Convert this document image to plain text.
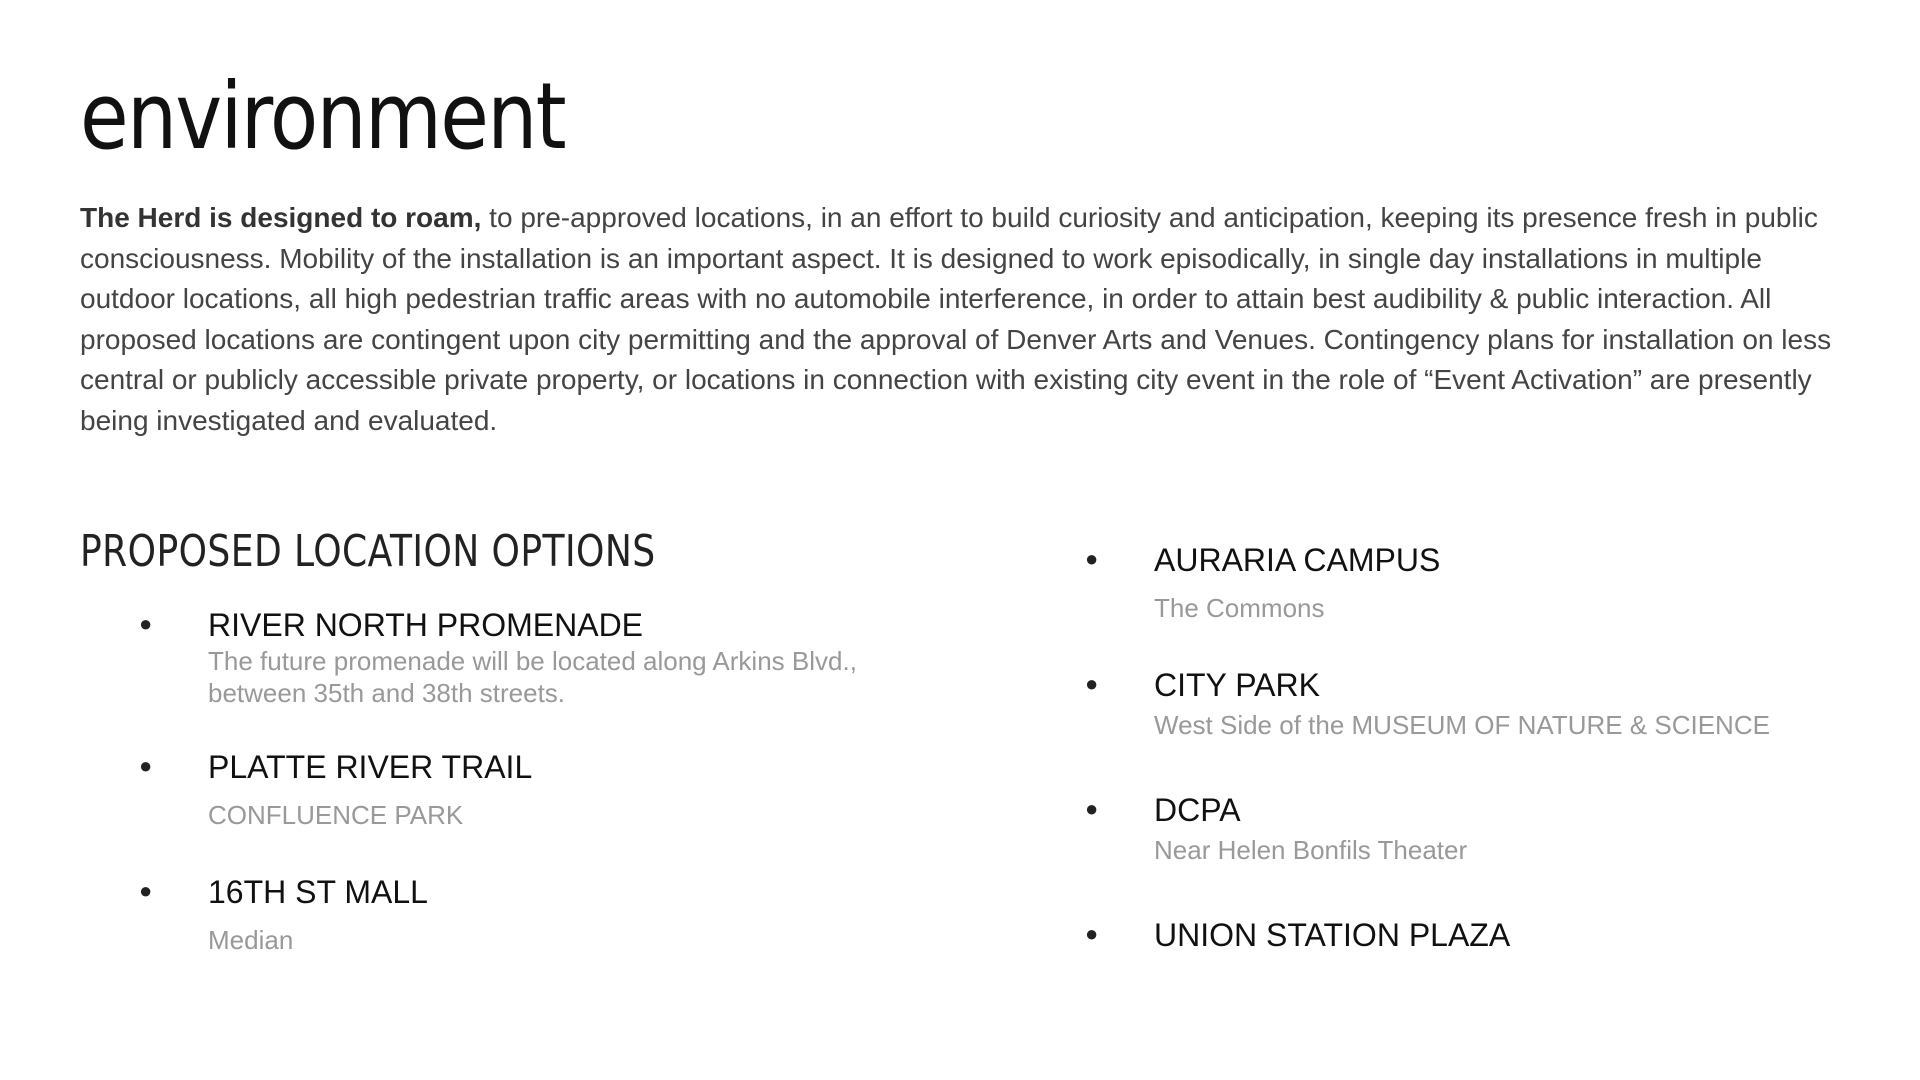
environment

The Herd is designed to roam, to pre-approved locations, in an effort to build curiosity and anticipation, keeping its presence fresh in public consciousness. Mobility of the installation is an important aspect. It is designed to work episodically, in single day installations in multiple outdoor locations, all high pedestrian traffic areas with no automobile interference, in order to attain best audibility & public interaction. All proposed locations are contingent upon city permitting and the approval of Denver Arts and Venues. Contingency plans for installation on less central or publicly accessible private property, or locations in connection with existing city event in the role of “Event Activation” are presently being investigated and evaluated.

PROPOSED LOCATION OPTIONS
● RIVER NORTH PROMENADE
The future promenade will be located along Arkins Blvd.,
between 35th and 38th streets.
● PLATTE RIVER TRAIL
CONFLUENCE PARK
● 16TH ST MALL
Median
● AURARIA CAMPUS
The Commons
● CITY PARK
West Side of the MUSEUM OF NATURE & SCIENCE
● DCPA
Near Helen Bonfils Theater
● UNION STATION PLAZA
